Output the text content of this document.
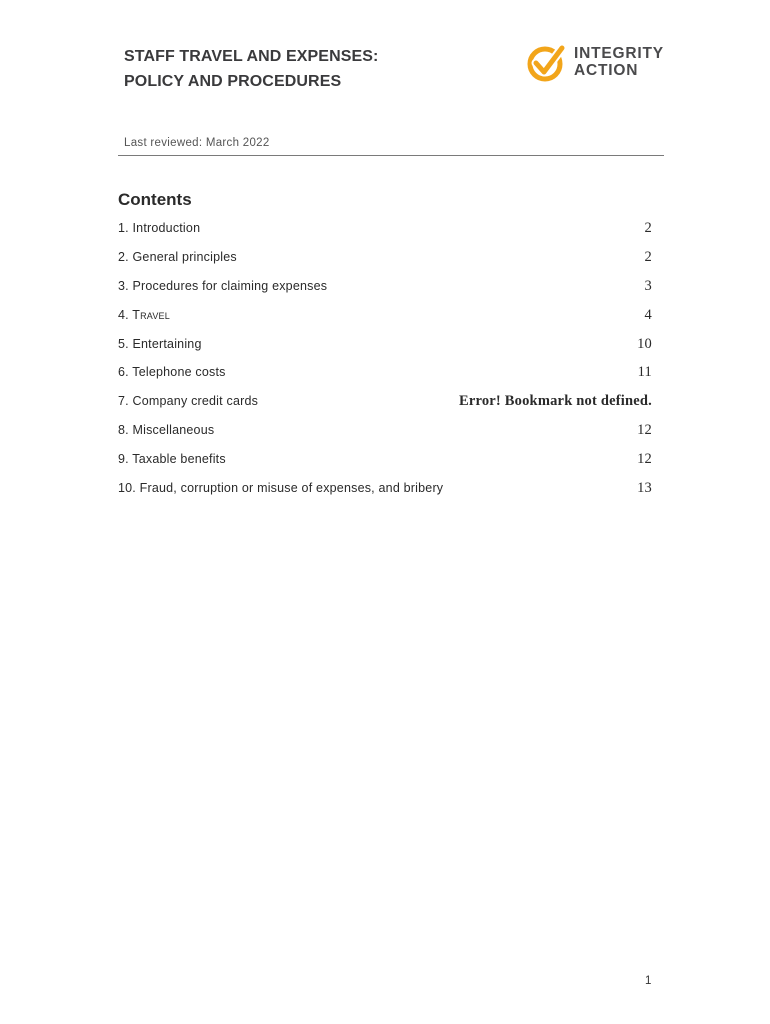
STAFF TRAVEL AND EXPENSES:
POLICY AND PROCEDURES
INTEGRITY
ACTION
Last reviewed: March 2022
Contents
1. Introduction	2
2. General principles	2
3. Procedures for claiming expenses	3
4. Travel	4
5. Entertaining	10
6. Telephone costs	11
7. Company credit cards	Error! Bookmark not defined.
8. Miscellaneous	12
9. Taxable benefits	12
10. Fraud, corruption or misuse of expenses, and bribery	13
1
